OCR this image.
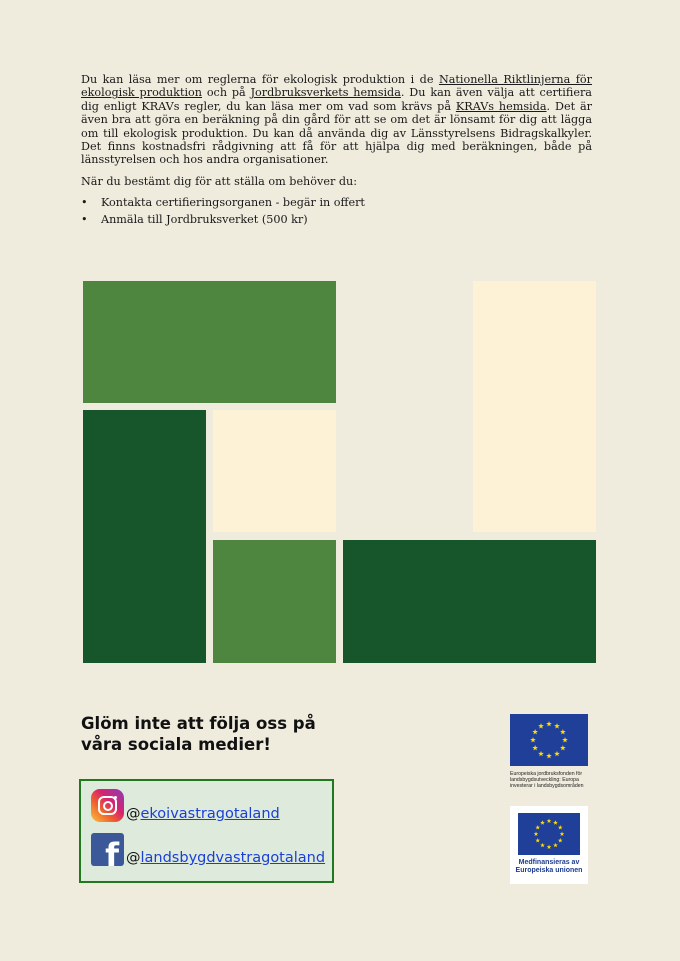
Du kan läsa mer om reglerna för ekologisk produktion i de Nationella Riktlinjerna för ekologisk produktion och på Jordbruksverkets hemsida. Du kan även välja att certifiera dig enligt KRAVs regler, du kan läsa mer om vad som krävs på KRAVs hemsida. Det är även bra att göra en beräkning på din gård för att se om det är lönsamt för dig att lägga om till ekologisk produktion. Du kan då använda dig av Länsstyrelsens Bidragskalkyler. Det finns kostnadsfri rådgivning att få för att hjälpa dig med beräkningen, både på länsstyrelsen och hos andra organisationer.

När du bestämt dig för att ställa om behöver du:

• Kontakta certifieringsorganen - begär in offert
• Anmäla till Jordbruksverket (500 kr)
Glöm inte att följa oss på våra sociala medier!
@ ekoivastragotaland
f @ landsbygdvastragotaland
Europeiska jordbruksfonden för landsbygdsutveckling: Europa investerar i landsbygdsområden
Medfinansieras av Europeiska unionen
